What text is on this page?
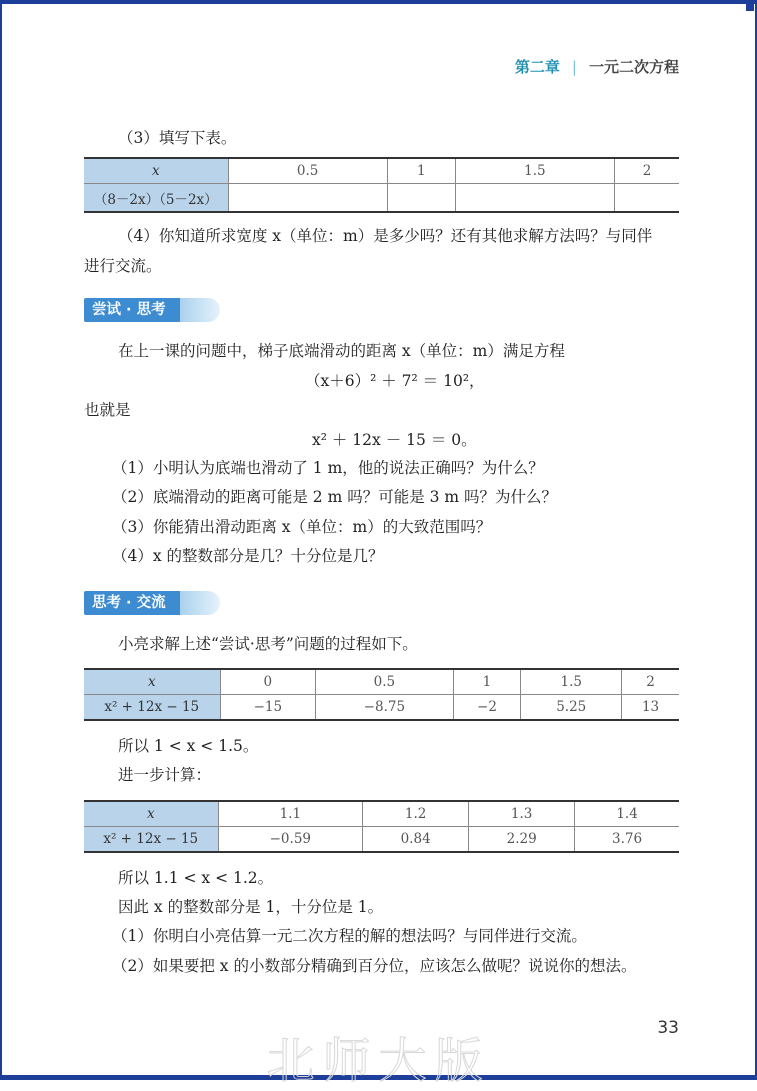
第二章 | 一元二次方程
（3）填写下表。
x	0.5	1	1.5	2
（8－2x）（5－2x）				
（4）你知道所求宽度 x（单位：m）是多少吗？还有其他求解方法吗？与同伴
进行交流。
尝试 · 思考
在上一课的问题中，梯子底端滑动的距离 x（单位：m）满足方程
（x＋6）² ＋ 7² ＝ 10²，
也就是
x² ＋ 12x － 15 ＝ 0。
（1）小明认为底端也滑动了 1 m，他的说法正确吗？为什么？
（2）底端滑动的距离可能是 2 m 吗？可能是 3 m 吗？为什么？
（3）你能猜出滑动距离 x（单位：m）的大致范围吗？
（4）x 的整数部分是几？十分位是几？
思考 · 交流
小亮求解上述“尝试·思考”问题的过程如下。
x	0	0.5	1	1.5	2
x² + 12x − 15	−15	−8.75	−2	5.25	13
所以 1 < x < 1.5。
进一步计算：
x	1.1	1.2	1.3	1.4
x² + 12x − 15	−0.59	0.84	2.29	3.76
所以 1.1 < x < 1.2。
因此 x 的整数部分是 1，十分位是 1。
（1）你明白小亮估算一元二次方程的解的想法吗？与同伴进行交流。
（2）如果要把 x 的小数部分精确到百分位，应该怎么做呢？说说你的想法。
33
北师大版
